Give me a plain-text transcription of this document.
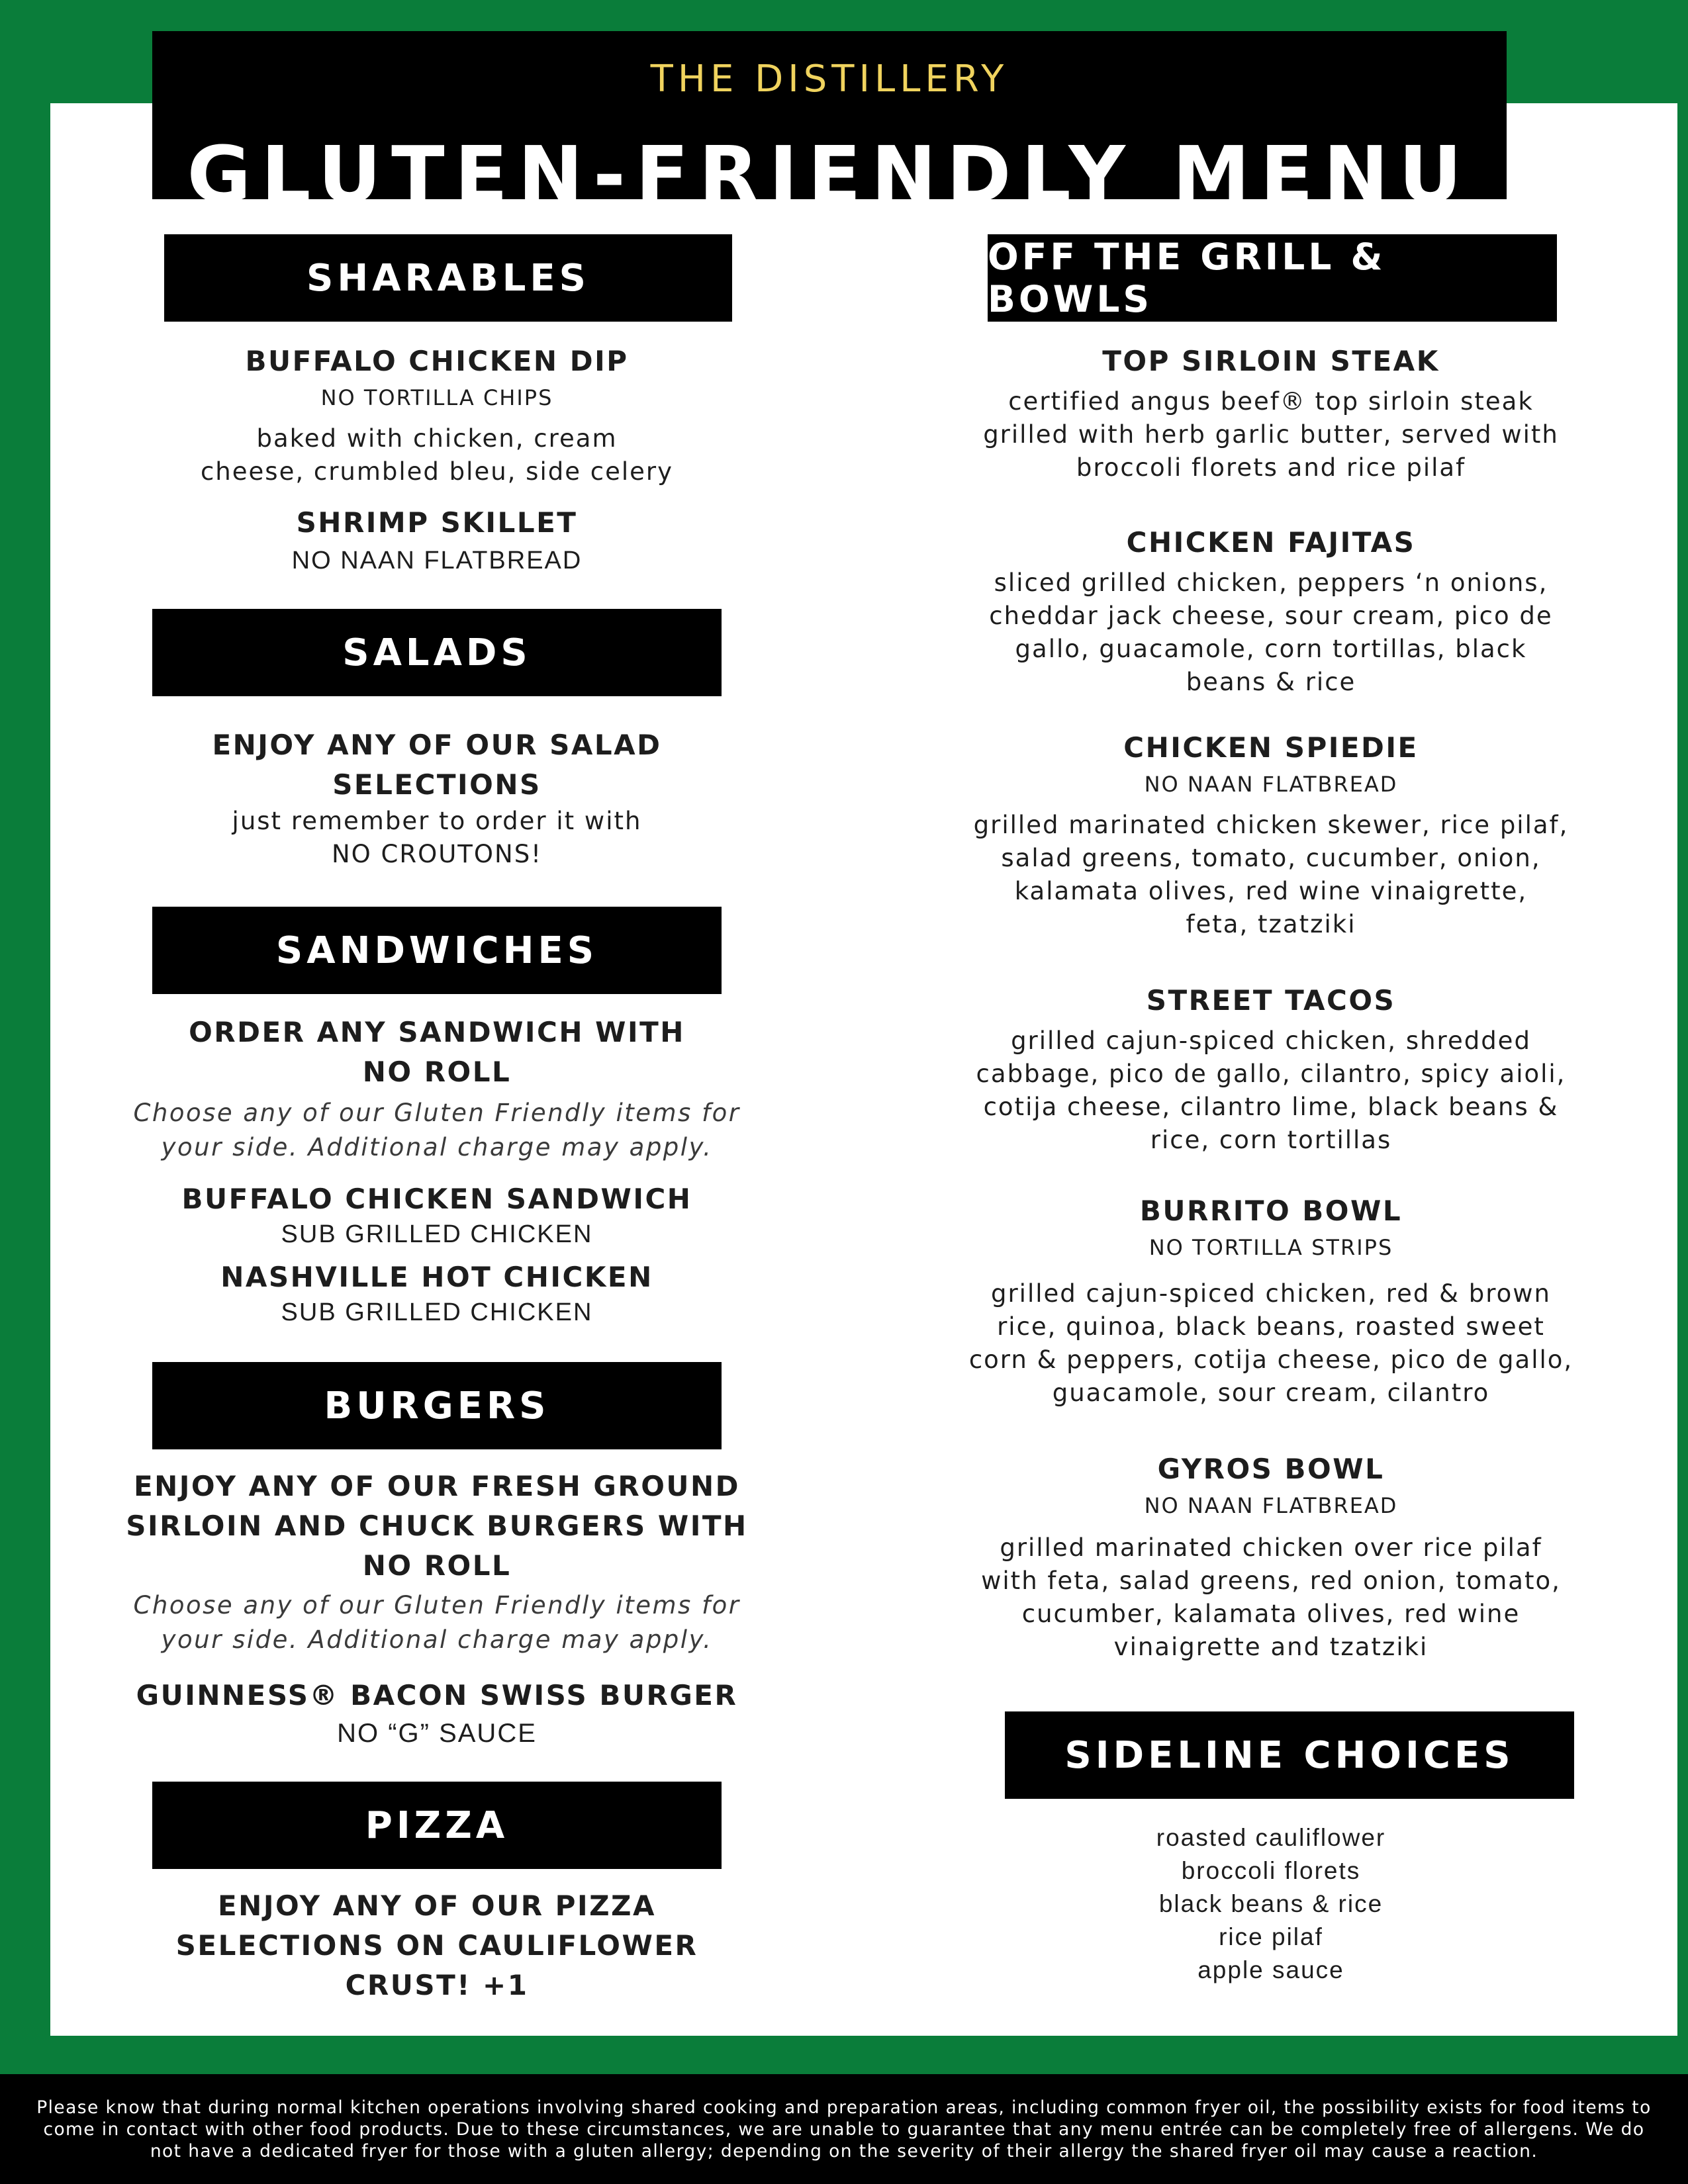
THE DISTILLERY
GLUTEN-FRIENDLY MENU
SHARABLES
BUFFALO CHICKEN DIP
NO TORTILLA CHIPS
baked with chicken, cream
cheese, crumbled bleu, side celery
SHRIMP SKILLET
NO NAAN FLATBREAD
SALADS
ENJOY ANY OF OUR SALAD
SELECTIONS
just remember to order it with
NO CROUTONS!
SANDWICHES
ORDER ANY SANDWICH WITH
NO ROLL
Choose any of our Gluten Friendly items for
your side. Additional charge may apply.
BUFFALO CHICKEN SANDWICH
SUB GRILLED CHICKEN
NASHVILLE HOT CHICKEN
SUB GRILLED CHICKEN
BURGERS
ENJOY ANY OF OUR FRESH GROUND
SIRLOIN AND CHUCK BURGERS WITH
NO ROLL
Choose any of our Gluten Friendly items for
your side. Additional charge may apply.
GUINNESS® BACON SWISS BURGER
NO “G” SAUCE
PIZZA
ENJOY ANY OF OUR PIZZA
SELECTIONS ON CAULIFLOWER
CRUST! +1
OFF THE GRILL & BOWLS
TOP SIRLOIN STEAK
certified angus beef® top sirloin steak
grilled with herb garlic butter, served with
broccoli florets and rice pilaf
CHICKEN FAJITAS
sliced grilled chicken, peppers ‘n onions,
cheddar jack cheese, sour cream, pico de
gallo, guacamole, corn tortillas, black
beans & rice
CHICKEN SPIEDIE
NO NAAN FLATBREAD
grilled marinated chicken skewer, rice pilaf,
salad greens, tomato, cucumber, onion,
kalamata olives, red wine vinaigrette,
feta, tzatziki
STREET TACOS
grilled cajun-spiced chicken, shredded
cabbage, pico de gallo, cilantro, spicy aioli,
cotija cheese, cilantro lime, black beans &
rice, corn tortillas
BURRITO BOWL
NO TORTILLA STRIPS
grilled cajun-spiced chicken, red & brown
rice, quinoa, black beans, roasted sweet
corn & peppers, cotija cheese, pico de gallo,
guacamole, sour cream, cilantro
GYROS BOWL
NO NAAN FLATBREAD
grilled marinated chicken over rice pilaf
with feta, salad greens, red onion, tomato,
cucumber, kalamata olives, red wine
vinaigrette and tzatziki
SIDELINE CHOICES
roasted cauliflower
broccoli florets
black beans & rice
rice pilaf
apple sauce

Please know that during normal kitchen operations involving shared cooking and preparation areas, including common fryer oil, the possibility exists for food items to come in contact with other food products. Due to these circumstances, we are unable to guarantee that any menu entrée can be completely free of allergens. We do not have a dedicated fryer for those with a gluten allergy; depending on the severity of their allergy the shared fryer oil may cause a reaction.
